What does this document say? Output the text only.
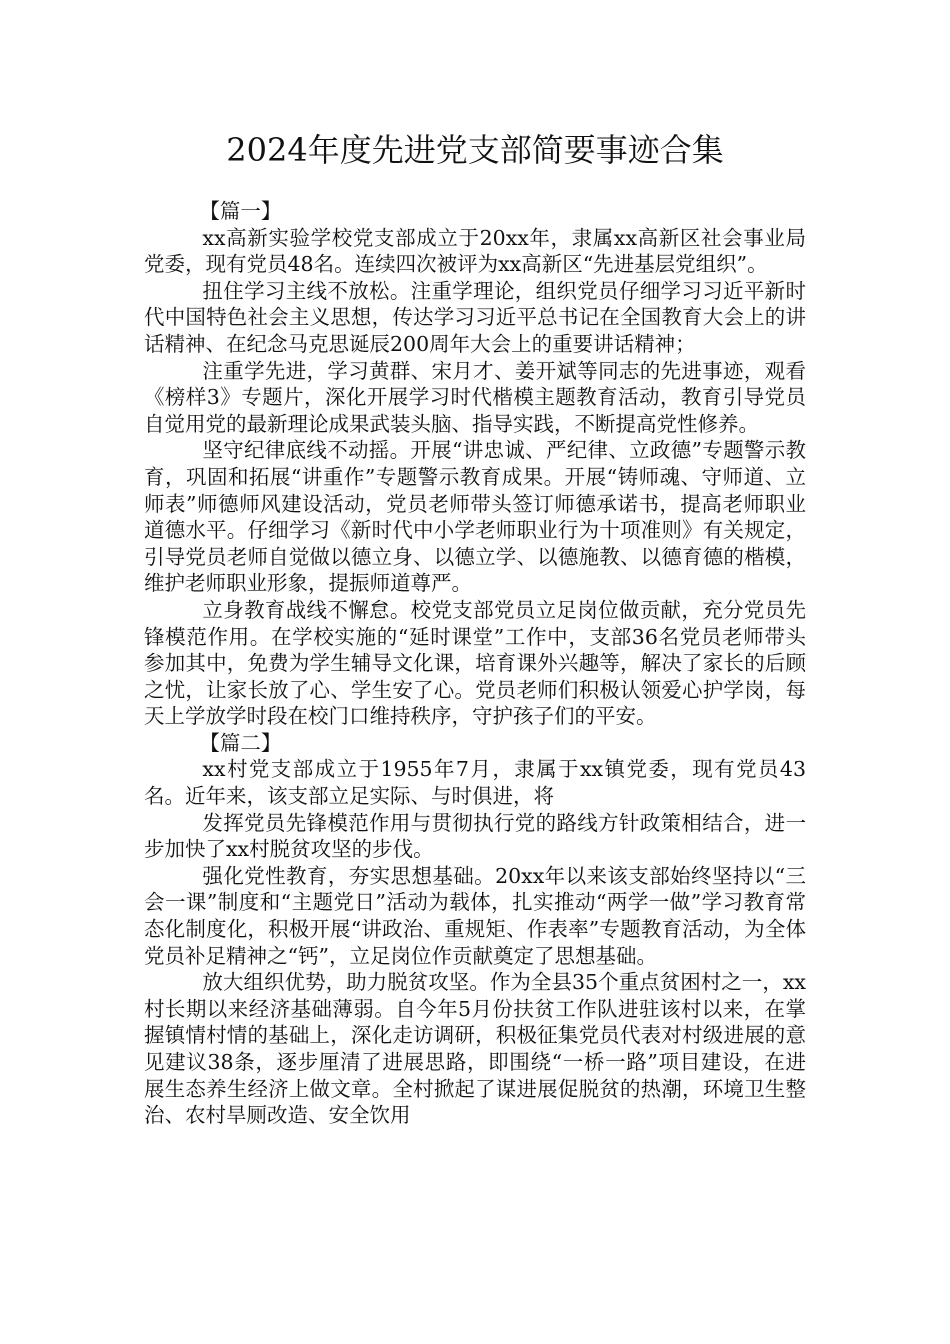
2024年度先进党支部简要事迹合集

【篇一】

xx高新实验学校党支部成立于20xx年，隶属xx高新区社会事业局党委，现有党员48名。连续四次被评为xx高新区“先进基层党组织”。

扭住学习主线不放松。注重学理论，组织党员仔细学习习近平新时代中国特色社会主义思想，传达学习习近平总书记在全国教育大会上的讲话精神、在纪念马克思诞辰200周年大会上的重要讲话精神；

注重学先进，学习黄群、宋月才、姜开斌等同志的先进事迹，观看《榜样3》专题片，深化开展学习时代楷模主题教育活动，教育引导党员自觉用党的最新理论成果武装头脑、指导实践，不断提高党性修养。

坚守纪律底线不动摇。开展“讲忠诚、严纪律、立政德”专题警示教育，巩固和拓展“讲重作”专题警示教育成果。开展“铸师魂、守师道、立师表”师德师风建设活动，党员老师带头签订师德承诺书，提高老师职业道德水平。仔细学习《新时代中小学老师职业行为十项准则》有关规定，引导党员老师自觉做以德立身、以德立学、以德施教、以德育德的楷模，维护老师职业形象，提振师道尊严。

立身教育战线不懈怠。校党支部党员立足岗位做贡献，充分党员先锋模范作用。在学校实施的“延时课堂”工作中，支部36名党员老师带头参加其中，免费为学生辅导文化课，培育课外兴趣等，解决了家长的后顾之忧，让家长放了心、学生安了心。党员老师们积极认领爱心护学岗，每天上学放学时段在校门口维持秩序，守护孩子们的平安。

【篇二】

xx村党支部成立于1955年7月，隶属于xx镇党委，现有党员43名。近年来，该支部立足实际、与时俱进，将

发挥党员先锋模范作用与贯彻执行党的路线方针政策相结合，进一步加快了xx村脱贫攻坚的步伐。

强化党性教育，夯实思想基础。20xx年以来该支部始终坚持以“三会一课”制度和“主题党日”活动为载体，扎实推动“两学一做”学习教育常态化制度化，积极开展“讲政治、重规矩、作表率”专题教育活动，为全体党员补足精神之“钙”，立足岗位作贡献奠定了思想基础。

放大组织优势，助力脱贫攻坚。作为全县35个重点贫困村之一，xx村长期以来经济基础薄弱。自今年5月份扶贫工作队进驻该村以来，在掌握镇情村情的基础上，深化走访调研，积极征集党员代表对村级进展的意见建议38条，逐步厘清了进展思路，即围绕“一桥一路”项目建设，在进展生态养生经济上做文章。全村掀起了谋进展促脱贫的热潮，环境卫生整治、农村旱厕改造、安全饮用
